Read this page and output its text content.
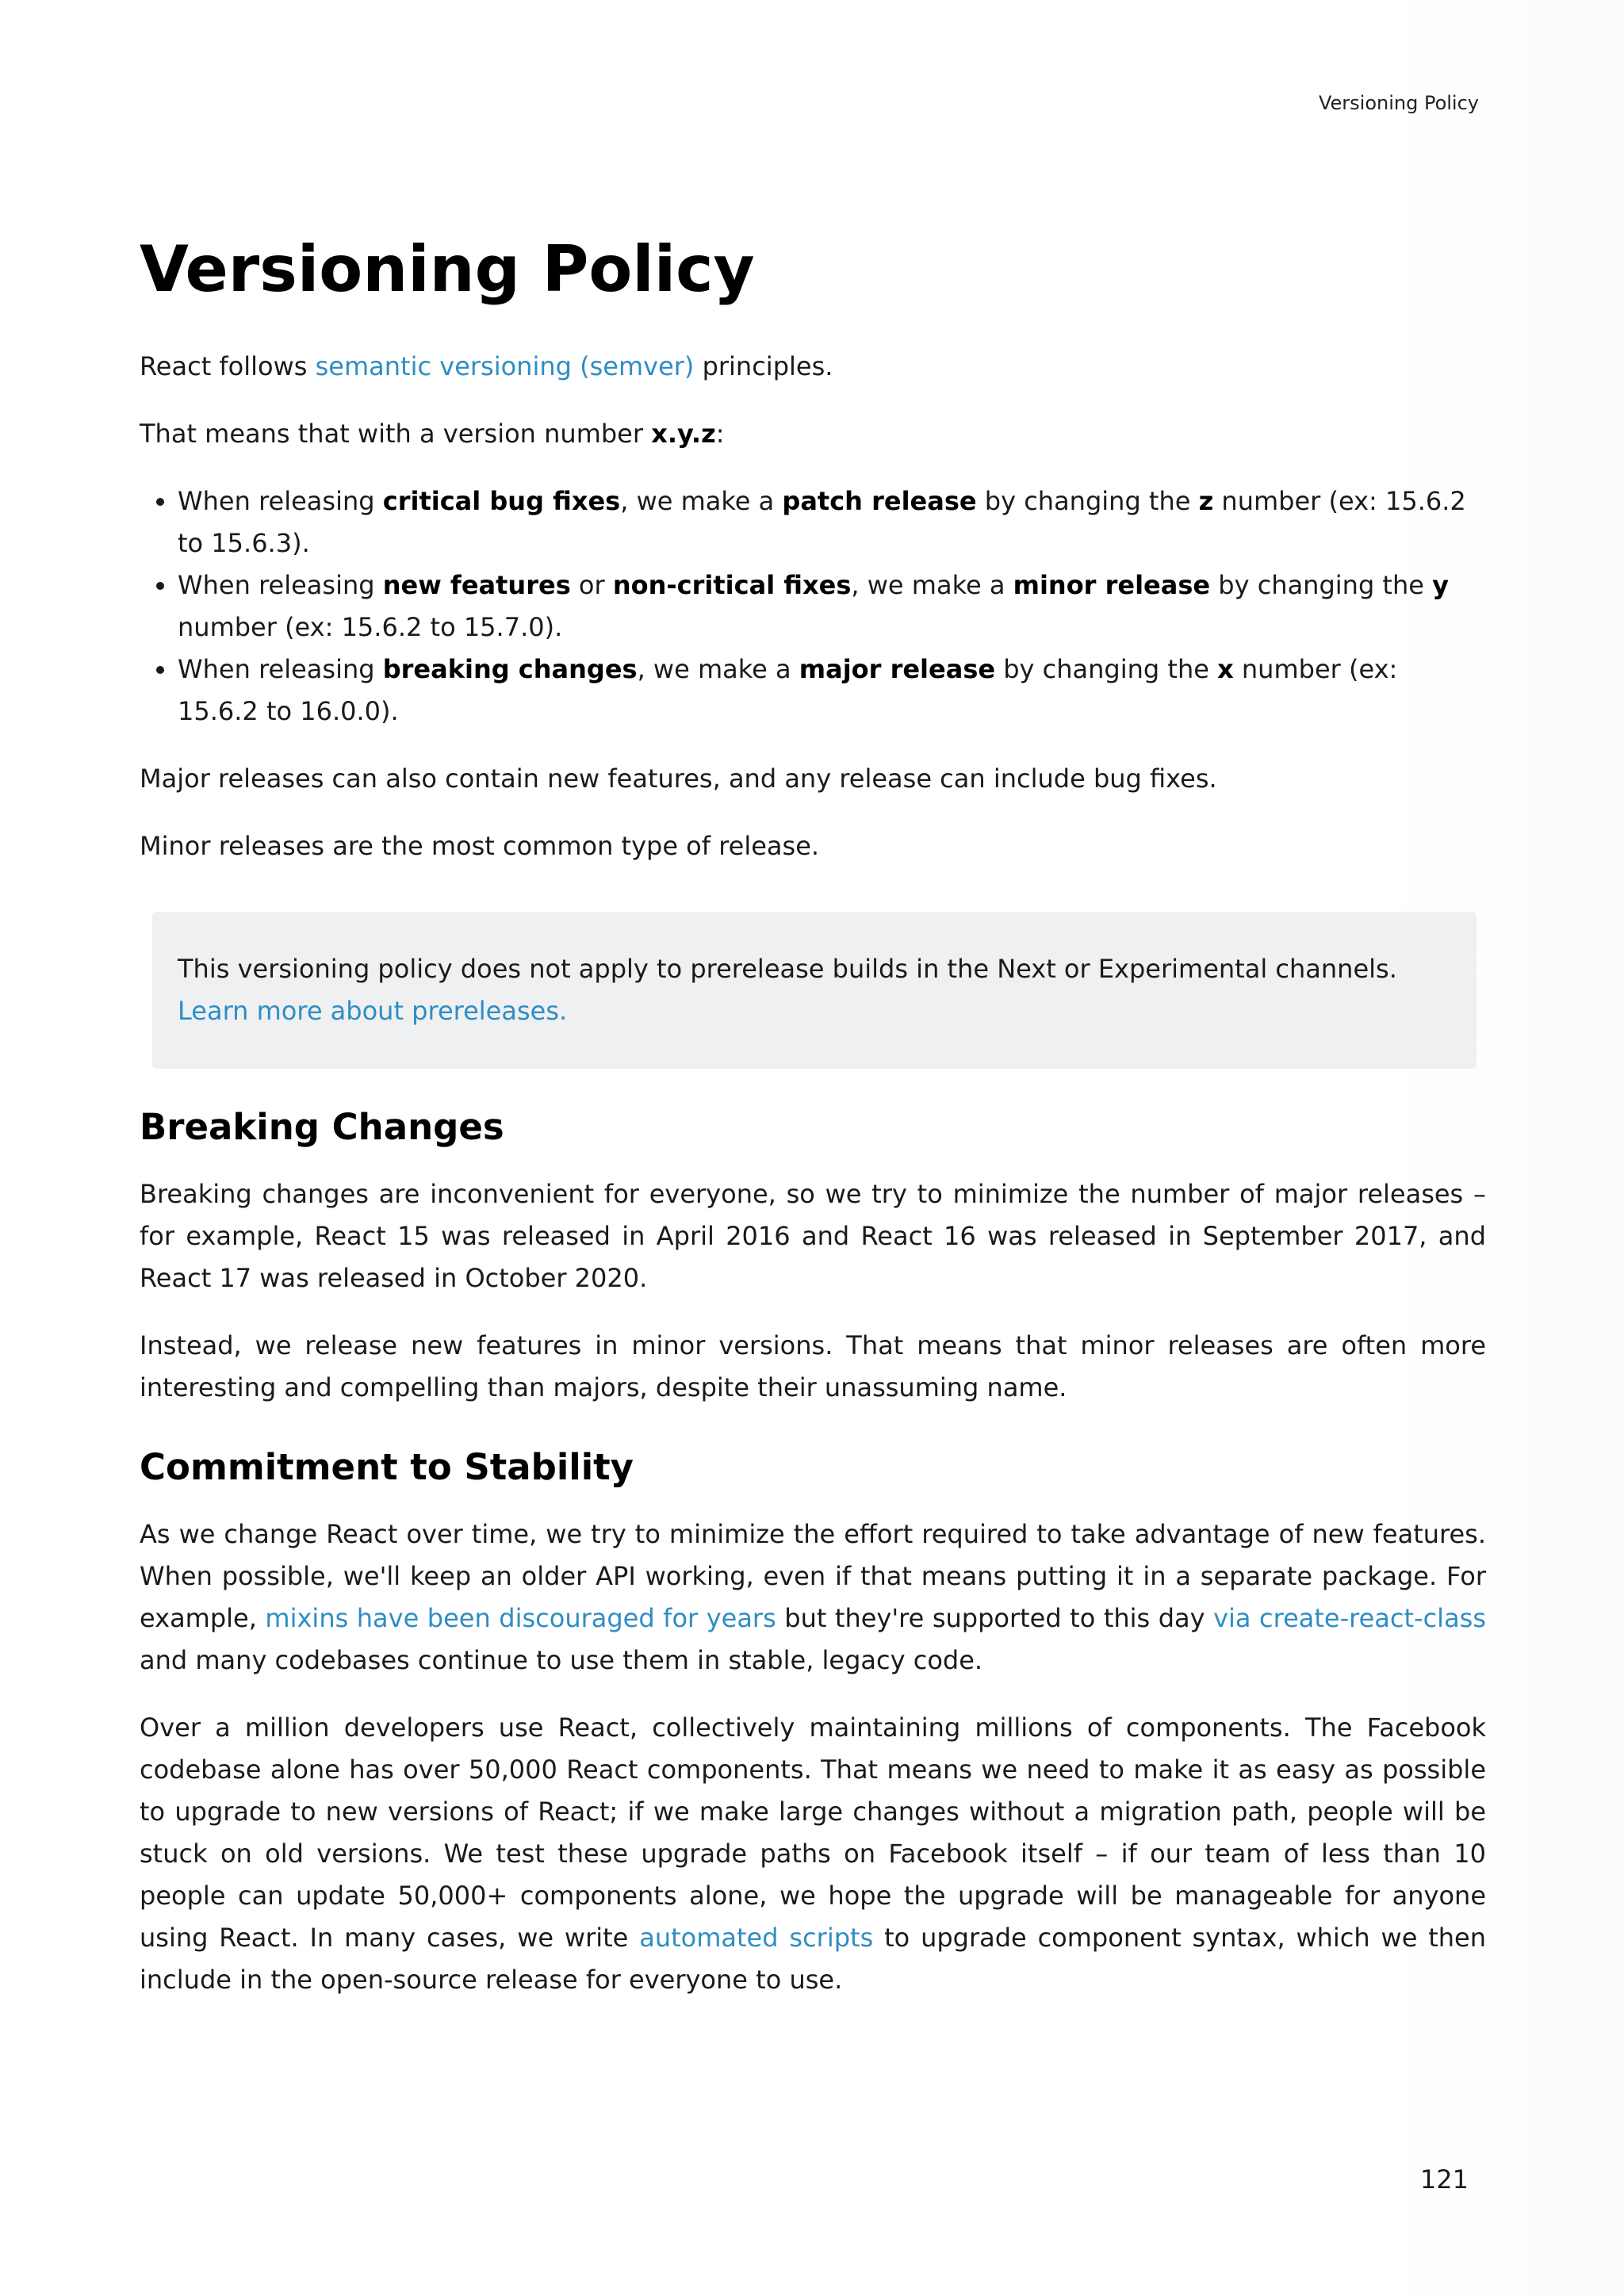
Versioning Policy
Versioning Policy

React follows semantic versioning (semver) principles.

That means that with a version number x.y.z:

• When releasing critical bug fixes, we make a patch release by changing the z number (ex: 15.6.2 to 15.6.3).
• When releasing new features or non-critical fixes, we make a minor release by changing the y number (ex: 15.6.2 to 15.7.0).
• When releasing breaking changes, we make a major release by changing the x number (ex: 15.6.2 to 16.0.0).

Major releases can also contain new features, and any release can include bug fixes.

Minor releases are the most common type of release.

This versioning policy does not apply to prerelease builds in the Next or Experimental channels. Learn more about prereleases.

Breaking Changes

Breaking changes are inconvenient for everyone, so we try to minimize the number of major releases – for example, React 15 was released in April 2016 and React 16 was released in September 2017, and React 17 was released in October 2020.

Instead, we release new features in minor versions. That means that minor releases are often more interesting and compelling than majors, despite their unassuming name.

Commitment to Stability

As we change React over time, we try to minimize the effort required to take advantage of new features. When possible, we'll keep an older API working, even if that means putting it in a separate package. For example, mixins have been discouraged for years but they're supported to this day via create-react-class and many codebases continue to use them in stable, legacy code.

Over a million developers use React, collectively maintaining millions of components. The Facebook codebase alone has over 50,000 React components. That means we need to make it as easy as possible to upgrade to new versions of React; if we make large changes without a migration path, people will be stuck on old versions. We test these upgrade paths on Facebook itself – if our team of less than 10 people can update 50,000+ components alone, we hope the upgrade will be manageable for anyone using React. In many cases, we write automated scripts to upgrade component syntax, which we then include in the open-source release for everyone to use.

121
